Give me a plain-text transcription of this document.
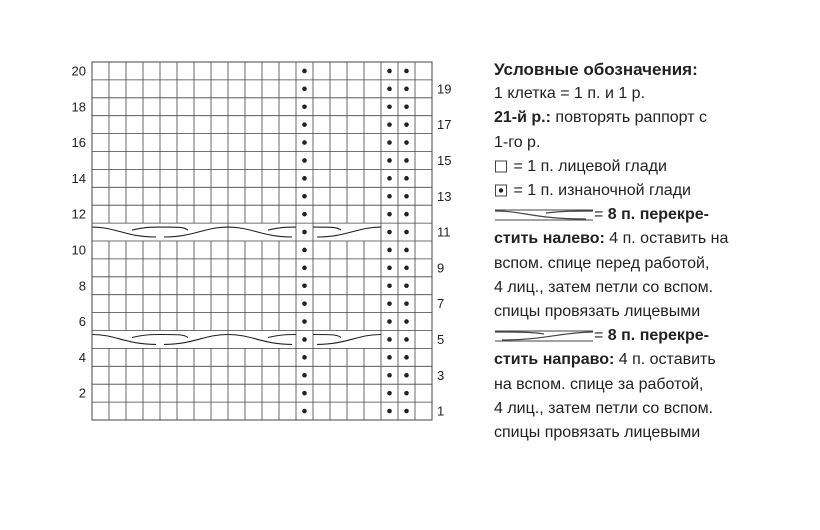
20
18
16
14
12
10
8
6
4
2
19
17
15
13
11
9
7
5
3
1
Условные обозначения:
1 клетка = 1 п. и 1 р.
21-й р.: повторять раппорт с
1-го р.
= 1 п. лицевой глади
= 1 п. изнаночной глади
= 8 п. перекре-
стить налево: 4 п. оставить на
вспом. спице перед работой,
4 лиц., затем петли со вспом.
спицы провязать лицевыми
= 8 п. перекре-
стить направо: 4 п. оставить
на вспом. спице за работой,
4 лиц., затем петли со вспом.
спицы провязать лицевыми
